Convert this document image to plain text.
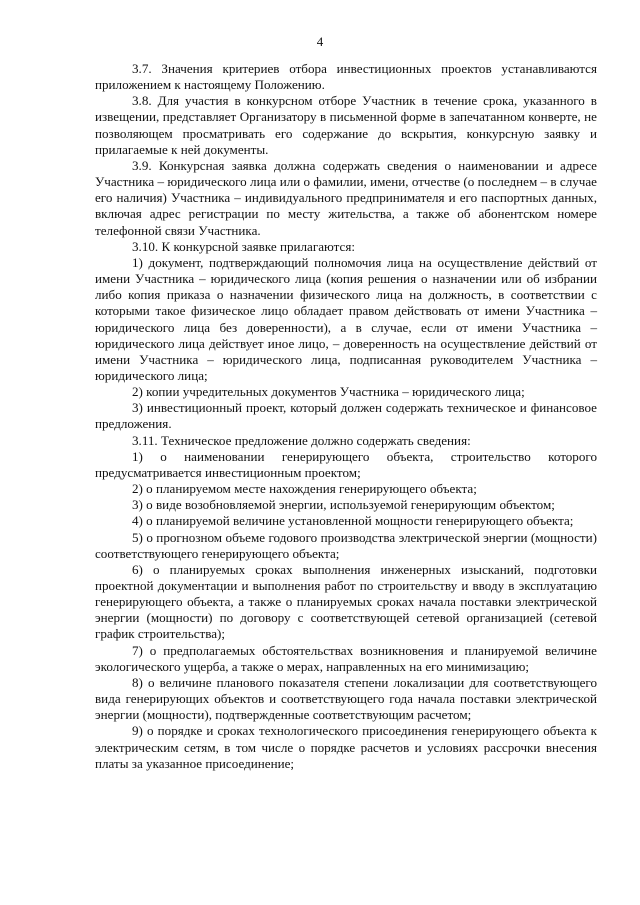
4

3.7. Значения критериев отбора инвестиционных проектов устанавливаются приложением к настоящему Положению.

3.8. Для участия в конкурсном отборе Участник в течение срока, указанного в извещении, представляет Организатору в письменной форме в запечатанном конверте, не позволяющем просматривать его содержание до вскрытия, конкурсную заявку и прилагаемые к ней документы.

3.9. Конкурсная заявка должна содержать сведения о наименовании и адресе Участника – юридического лица или о фамилии, имени, отчестве (о последнем – в случае его наличия) Участника – индивидуального предпринимателя и его паспортных данных, включая адрес регистрации по месту жительства, а также об абонентском номере телефонной связи Участника.

3.10. К конкурсной заявке прилагаются:

1) документ, подтверждающий полномочия лица на осуществление действий от имени Участника – юридического лица (копия решения о назначении или об избрании либо копия приказа о назначении физического лица на должность, в соответствии с которыми такое физическое лицо обладает правом действовать от имени Участника – юридического лица без доверенности), а в случае, если от имени Участника – юридического лица действует иное лицо, – доверенность на осуществление действий от имени Участника – юридического лица, подписанная руководителем Участника – юридического лица;

2) копии учредительных документов Участника – юридического лица;

3) инвестиционный проект, который должен содержать техническое и финансовое предложения.

3.11. Техническое предложение должно содержать сведения:

1) о наименовании генерирующего объекта, строительство которого предусматривается инвестиционным проектом;

2) о планируемом месте нахождения генерирующего объекта;

3) о виде возобновляемой энергии, используемой генерирующим объектом;

4) о планируемой величине установленной мощности генерирующего объекта;

5) о прогнозном объеме годового производства электрической энергии (мощности) соответствующего генерирующего объекта;

6) о планируемых сроках выполнения инженерных изысканий, подготовки проектной документации и выполнения работ по строительству и вводу в эксплуатацию генерирующего объекта, а также о планируемых сроках начала поставки электрической энергии (мощности) по договору с соответствующей сетевой организацией (сетевой график строительства);

7) о предполагаемых обстоятельствах возникновения и планируемой величине экологического ущерба, а также о мерах, направленных на его минимизацию;

8) о величине планового показателя степени локализации для соответствующего вида генерирующих объектов и соответствующего года начала поставки электрической энергии (мощности), подтвержденные соответствующим расчетом;

9) о порядке и сроках технологического присоединения генерирующего объекта к электрическим сетям, в том числе о порядке расчетов и условиях рассрочки внесения платы за указанное присоединение;
